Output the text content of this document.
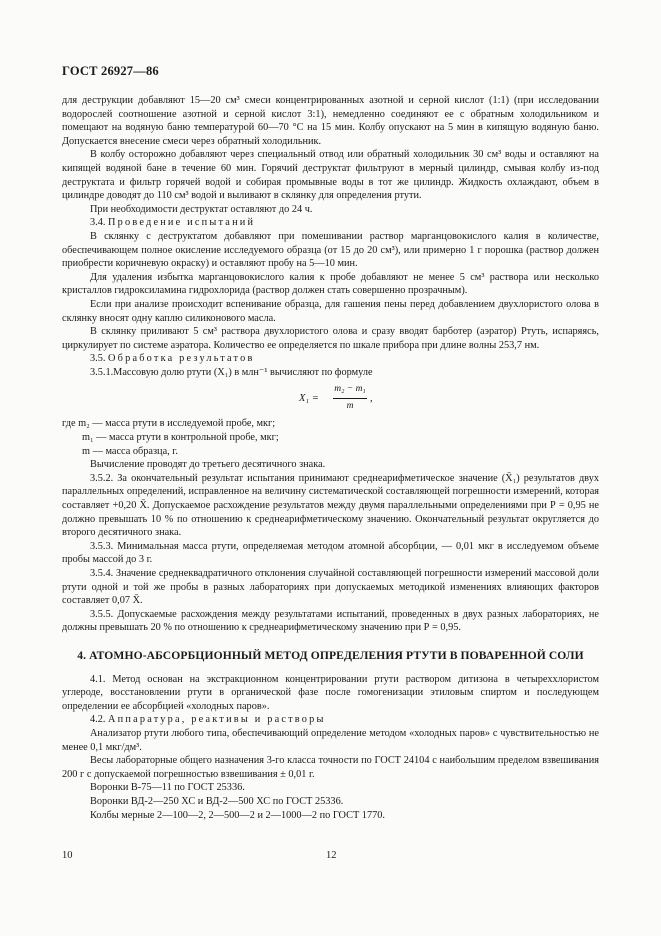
ГОСТ 26927—86

для деструкции добавляют 15—20 см³ смеси концентрированных азотной и серной кислот (1:1) (при исследовании водорослей соотношение азотной и серной кислот 3:1), немедленно соединяют ее с обратным холодильником и помещают на водяную баню температурой 60—70 °С на 15 мин. Колбу опускают на 5 мин в кипящую водяную баню. Допускается внесение смеси через обратный холодильник.

В колбу осторожно добавляют через специальный отвод или обратный холодильник 30 см³ воды и оставляют на кипящей водяной бане в течение 60 мин. Горячий деструктат фильтруют в мерный цилиндр, смывая колбу из-под деструктата и фильтр горячей водой и собирая промывные воды в тот же цилиндр. Жидкость охлаждают, объем в цилиндре доводят до 110 см³ водой и выливают в склянку для определения ртути.

При необходимости деструктат оставляют до 24 ч.

3.4. Проведение испытаний

В склянку с деструктатом добавляют при помешивании раствор марганцовокислого калия в количестве, обеспечивающем полное окисление исследуемого образца (от 15 до 20 см³), или примерно 1 г порошка (раствор должен приобрести коричневую окраску) и оставляют пробу на 5—10 мин.

Для удаления избытка марганцовокислого калия к пробе добавляют не менее 5 см³ раствора или несколько кристаллов гидроксиламина гидрохлорида (раствор должен стать совершенно прозрачным).

Если при анализе происходит вспенивание образца, для гашения пены перед добавлением двухлористого олова в склянку вносят одну каплю силиконового масла.

В склянку приливают 5 см³ раствора двухлористого олова и сразу вводят барботер (аэратор) Ртуть, испаряясь, циркулирует по системе аэратора. Количество ее определяется по шкале прибора при длине волны 253,7 нм.

3.5. Обработка результатов

3.5.1.Массовую долю ртути (X₁) в млн⁻¹ вычисляют по формуле

$X_1 = \frac{\text{m₂ − m₁}}{m}$ ,
где m₂ — масса ртути в исследуемой пробе, мкг;
m₁ — масса ртути в контрольной пробе, мкг;
m — масса образца, г.

Вычисление проводят до третьего десятичного знака.

3.5.2. За окончательный результат испытания принимают среднеарифметическое значение (X̄₁) результатов двух параллельных определений, исправленное на величину систематической составляющей погрешности измерений, которая составляет +0,20 X̄. Допускаемое расхождение результатов между двумя параллельными определениями при Р = 0,95 не должно превышать 10 % по отношению к среднеарифметическому значению. Окончательный результат округляется до второго десятичного знака.

3.5.3. Минимальная масса ртути, определяемая методом атомной абсорбции, — 0,01 мкг в исследуемом объеме пробы массой до 3 г.

3.5.4. Значение среднеквадратичного отклонения случайной составляющей погрешности измерений массовой доли ртути одной и той же пробы в разных лабораториях при допускаемых методикой изменениях влияющих факторов составляет 0,07 X̄.

3.5.5. Допускаемые расхождения между результатами испытаний, проведенных в двух разных лабораториях, не должны превышать 20 % по отношению к среднеарифметическому значению при Р = 0,95.

4. АТОМНО-АБСОРБЦИОННЫЙ МЕТОД ОПРЕДЕЛЕНИЯ РТУТИ В ПОВАРЕННОЙ СОЛИ

4.1. Метод основан на экстракционном концентрировании ртути раствором дитизона в четыреххлористом углероде, восстановлении ртути в органической фазе после гомогенизации этиловым спиртом и последующем определении ее абсорбцией «холодных паров».

4.2. Аппаратура, реактивы и растворы

Анализатор ртути любого типа, обеспечивающий определение методом «холодных паров» с чувствительностью не менее 0,1 мкг/дм³.

Весы лабораторные общего назначения 3-го класса точности по ГОСТ 24104 с наибольшим пределом взвешивания 200 г с допускаемой погрешностью взвешивания ± 0,01 г.

Воронки В-75—11 по ГОСТ 25336.

Воронки ВД-2—250 ХС и ВД-2—500 ХС по ГОСТ 25336.

Колбы мерные 2—100—2, 2—500—2 и 2—1000—2 по ГОСТ 1770.

10	12
